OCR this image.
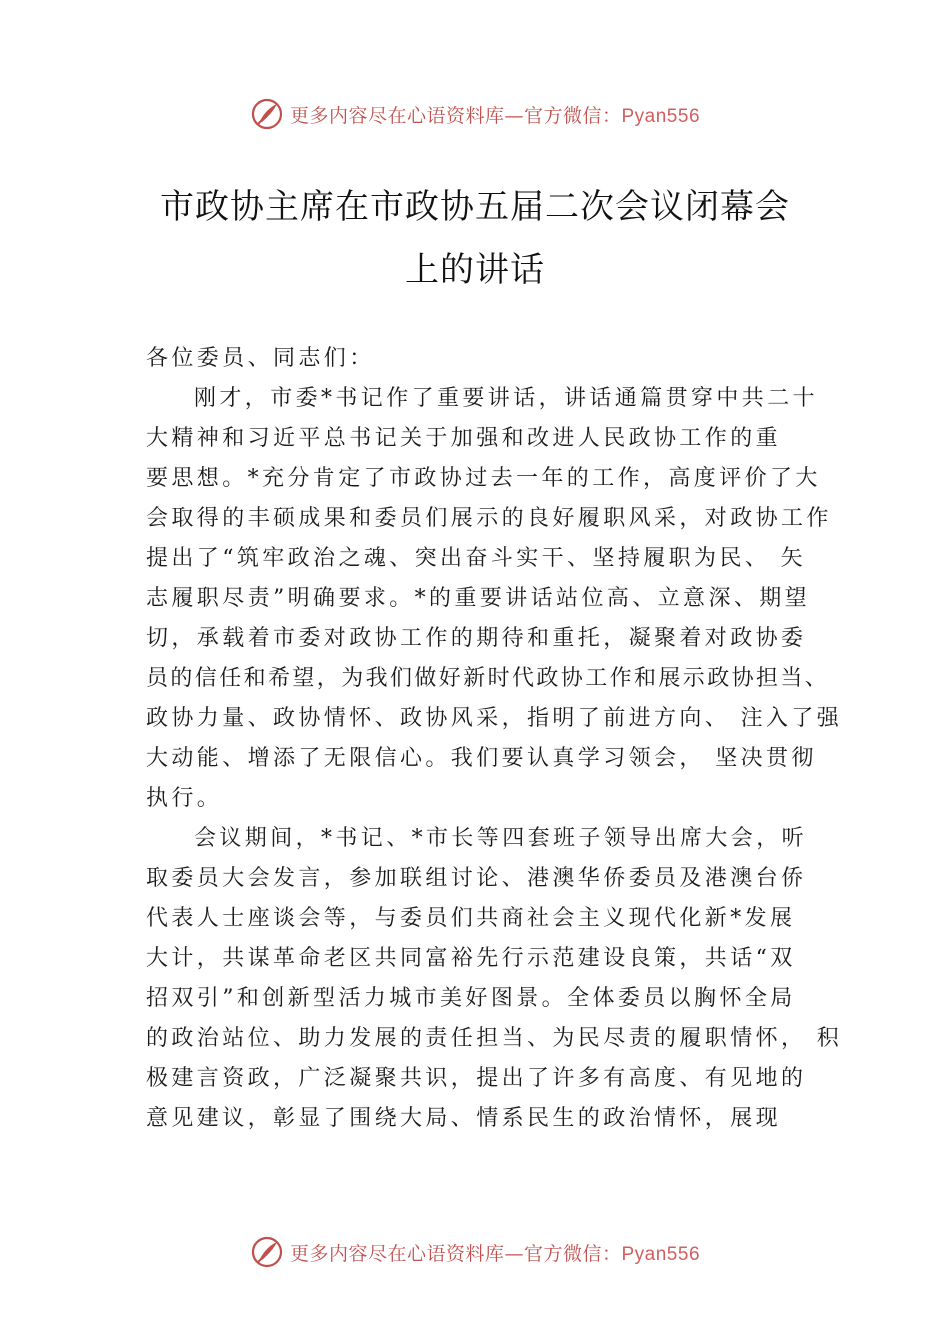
更多内容尽在心语资料库—官方微信：Pyan556
市政协主席在市政协五届二次会议闭幕会
上的讲话
各位委员、同志们：
刚才，市委*书记作了重要讲话，讲话通篇贯穿中共二十
大精神和习近平总书记关于加强和改进人民政协工作的重
要思想。*充分肯定了市政协过去一年的工作，高度评价了大
会取得的丰硕成果和委员们展示的良好履职风采，对政协工作
提出了“筑牢政治之魂、突出奋斗实干、坚持履职为民、 矢
志履职尽责”明确要求。*的重要讲话站位高、立意深、期望
切，承载着市委对政协工作的期待和重托，凝聚着对政协委
员的信任和希望，为我们做好新时代政协工作和展示政协担当、
政协力量、政协情怀、政协风采，指明了前进方向、 注入了强
大动能、增添了无限信心。我们要认真学习领会， 坚决贯彻
执行。
会议期间，*书记、*市长等四套班子领导出席大会，听
取委员大会发言，参加联组讨论、港澳华侨委员及港澳台侨
代表人士座谈会等，与委员们共商社会主义现代化新*发展
大计，共谋革命老区共同富裕先行示范建设良策，共话“双
招双引”和创新型活力城市美好图景。全体委员以胸怀全局
的政治站位、助力发展的责任担当、为民尽责的履职情怀， 积
极建言资政，广泛凝聚共识，提出了许多有高度、有见地的
意见建议，彰显了围绕大局、情系民生的政治情怀，展现
更多内容尽在心语资料库—官方微信：Pyan556
